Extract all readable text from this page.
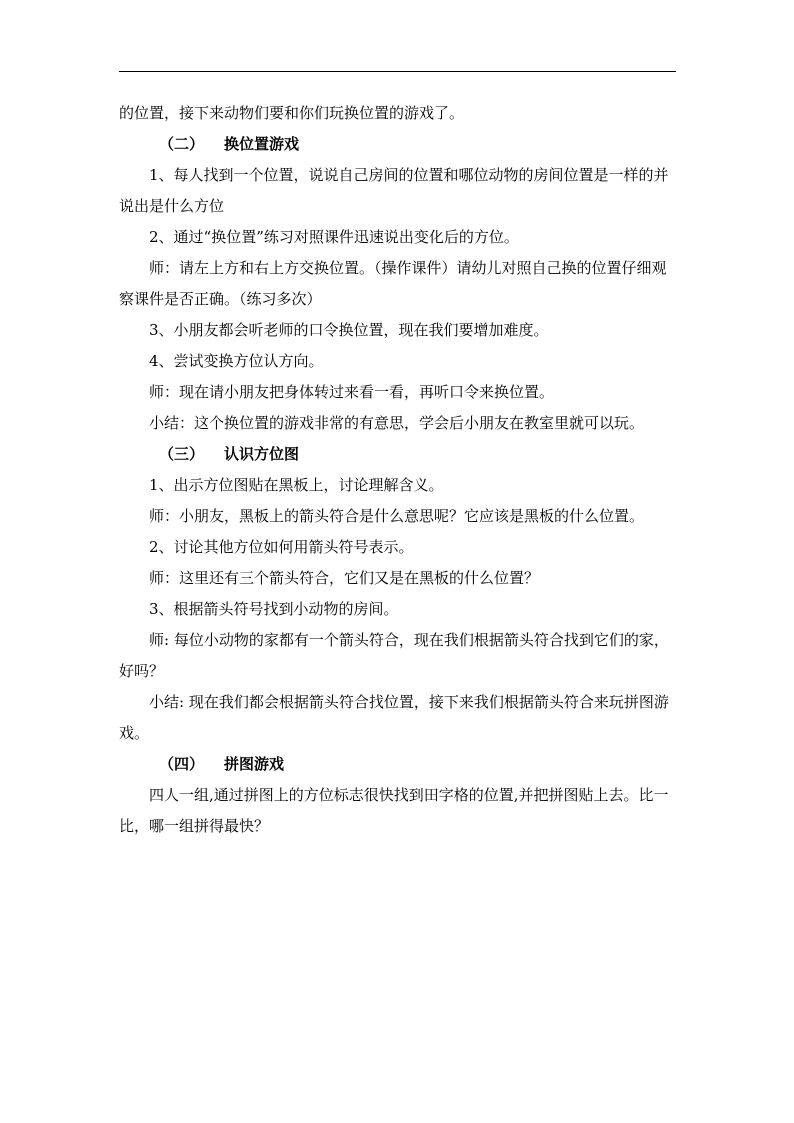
的位置，接下来动物们要和你们玩换位置的游戏了。

（二） 换位置游戏

1、每人找到一个位置，说说自己房间的位置和哪位动物的房间位置是一样的并说出是什么方位

2、通过“换位置”练习对照课件迅速说出变化后的方位。

师：请左上方和右上方交换位置。（操作课件）请幼儿对照自己换的位置仔细观察课件是否正确。（练习多次）

3、小朋友都会听老师的口令换位置，现在我们要增加难度。

4、尝试变换方位认方向。

师：现在请小朋友把身体转过来看一看，再听口令来换位置。

小结：这个换位置的游戏非常的有意思，学会后小朋友在教室里就可以玩。

（三） 认识方位图

1、出示方位图贴在黑板上，讨论理解含义。

师：小朋友，黑板上的箭头符合是什么意思呢？它应该是黑板的什么位置。

2、讨论其他方位如何用箭头符号表示。

师：这里还有三个箭头符合，它们又是在黑板的什么位置？

3、根据箭头符号找到小动物的房间。

师: 每位小动物的家都有一个箭头符合，现在我们根据箭头符合找到它们的家，好吗？

小结: 现在我们都会根据箭头符合找位置，接下来我们根据箭头符合来玩拼图游戏。

（四） 拼图游戏

四人一组,通过拼图上的方位标志很快找到田字格的位置,并把拼图贴上去。比一比，哪一组拼得最快？
